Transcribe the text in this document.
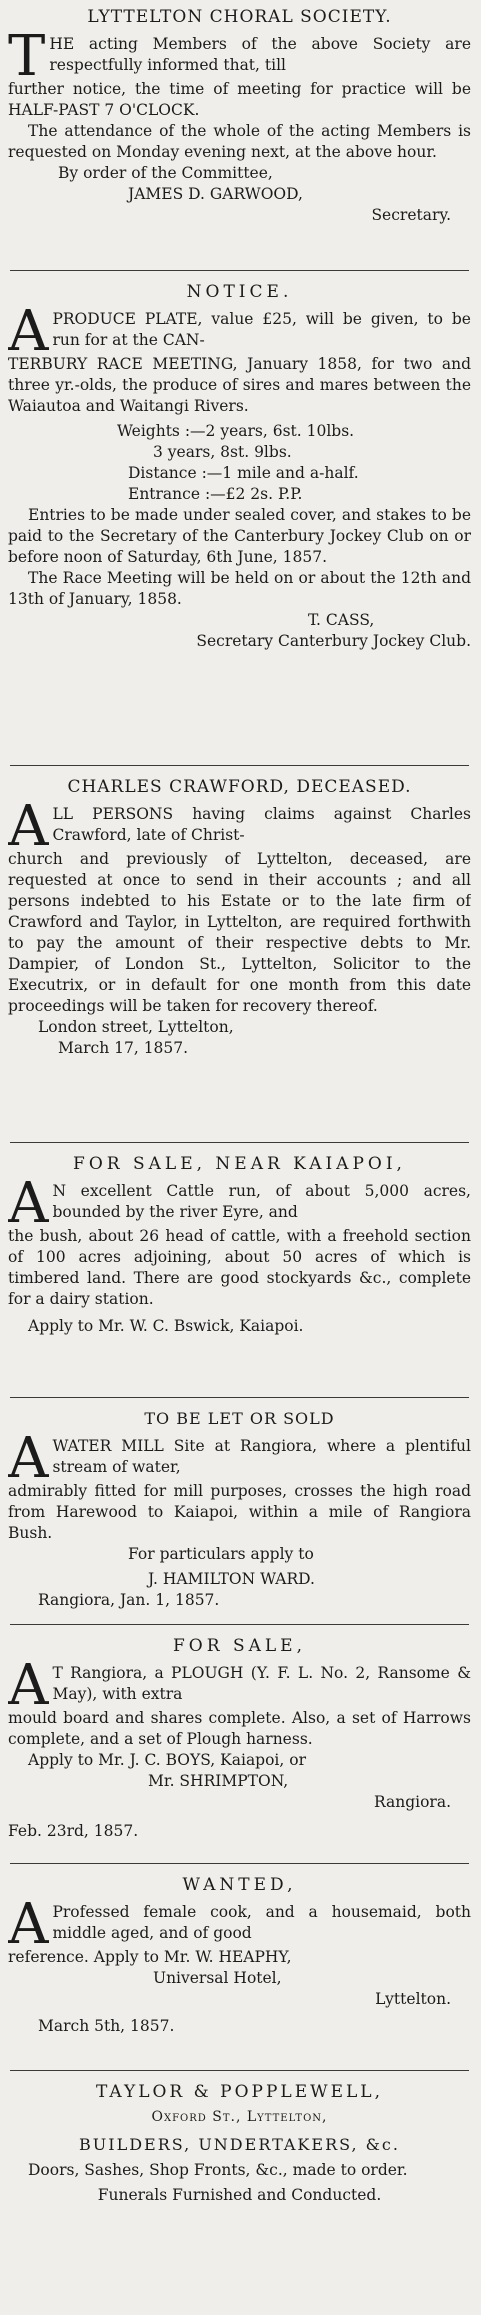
LYTTELTON CHORAL SOCIETY.

T HE acting Members of the above Society are respectfully informed that, till

further notice, the time of meeting for practice will be HALF-PAST 7 O'CLOCK.

The attendance of the whole of the acting Members is requested on Monday evening next, at the above hour.

By order of the Committee,

JAMES D. GARWOOD,

Secretary.

NOTICE.

A PRODUCE PLATE, value £25, will be given, to be run for at the CAN-

TERBURY RACE MEETING, January 1858, for two and three yr.-olds, the produce of sires and mares between the Waiautoa and Waitangi Rivers.

Weights :—2 years, 6st. 10lbs.

3 years, 8st. 9lbs.

Distance :—1 mile and a-half.

Entrance :—£2 2s. P.P.

Entries to be made under sealed cover, and stakes to be paid to the Secretary of the Canterbury Jockey Club on or before noon of Saturday, 6th June, 1857.

The Race Meeting will be held on or about the 12th and 13th of January, 1858.

T. CASS,

Secretary Canterbury Jockey Club.

CHARLES CRAWFORD, DECEASED.

A LL PERSONS having claims against Charles Crawford, late of Christ-

church and previously of Lyttelton, deceased, are requested at once to send in their accounts ; and all persons indebted to his Estate or to the late firm of Crawford and Taylor, in Lyttelton, are required forthwith to pay the amount of their respective debts to Mr. Dampier, of London St., Lyttelton, Solicitor to the Executrix, or in default for one month from this date proceedings will be taken for recovery thereof.

London street, Lyttelton,

March 17, 1857.

FOR SALE, NEAR KAIAPOI,

A N excellent Cattle run, of about 5,000 acres, bounded by the river Eyre, and

the bush, about 26 head of cattle, with a freehold section of 100 acres adjoining, about 50 acres of which is timbered land. There are good stockyards &c., complete for a dairy station.

Apply to Mr. W. C. Bswick, Kaiapoi.

TO BE LET OR SOLD

A WATER MILL Site at Rangiora, where a plentiful stream of water,

admirably fitted for mill purposes, crosses the high road from Harewood to Kaiapoi, within a mile of Rangiora Bush.

For particulars apply to

J. HAMILTON WARD.

Rangiora, Jan. 1, 1857.

FOR SALE,

A T Rangiora, a PLOUGH (Y. F. L. No. 2, Ransome & May), with extra

mould board and shares complete. Also, a set of Harrows complete, and a set of Plough harness.

Apply to Mr. J. C. BOYS, Kaiapoi, or

Mr. SHRIMPTON,

Rangiora.

Feb. 23rd, 1857.

WANTED,

A Professed female cook, and a housemaid, both middle aged, and of good

reference. Apply to Mr. W. HEAPHY,

Universal Hotel,

Lyttelton.

March 5th, 1857.

TAYLOR & POPPLEWELL,

Oxford St., Lyttelton,

BUILDERS, UNDERTAKERS, &c.

Doors, Sashes, Shop Fronts, &c., made to order.

Funerals Furnished and Conducted.
